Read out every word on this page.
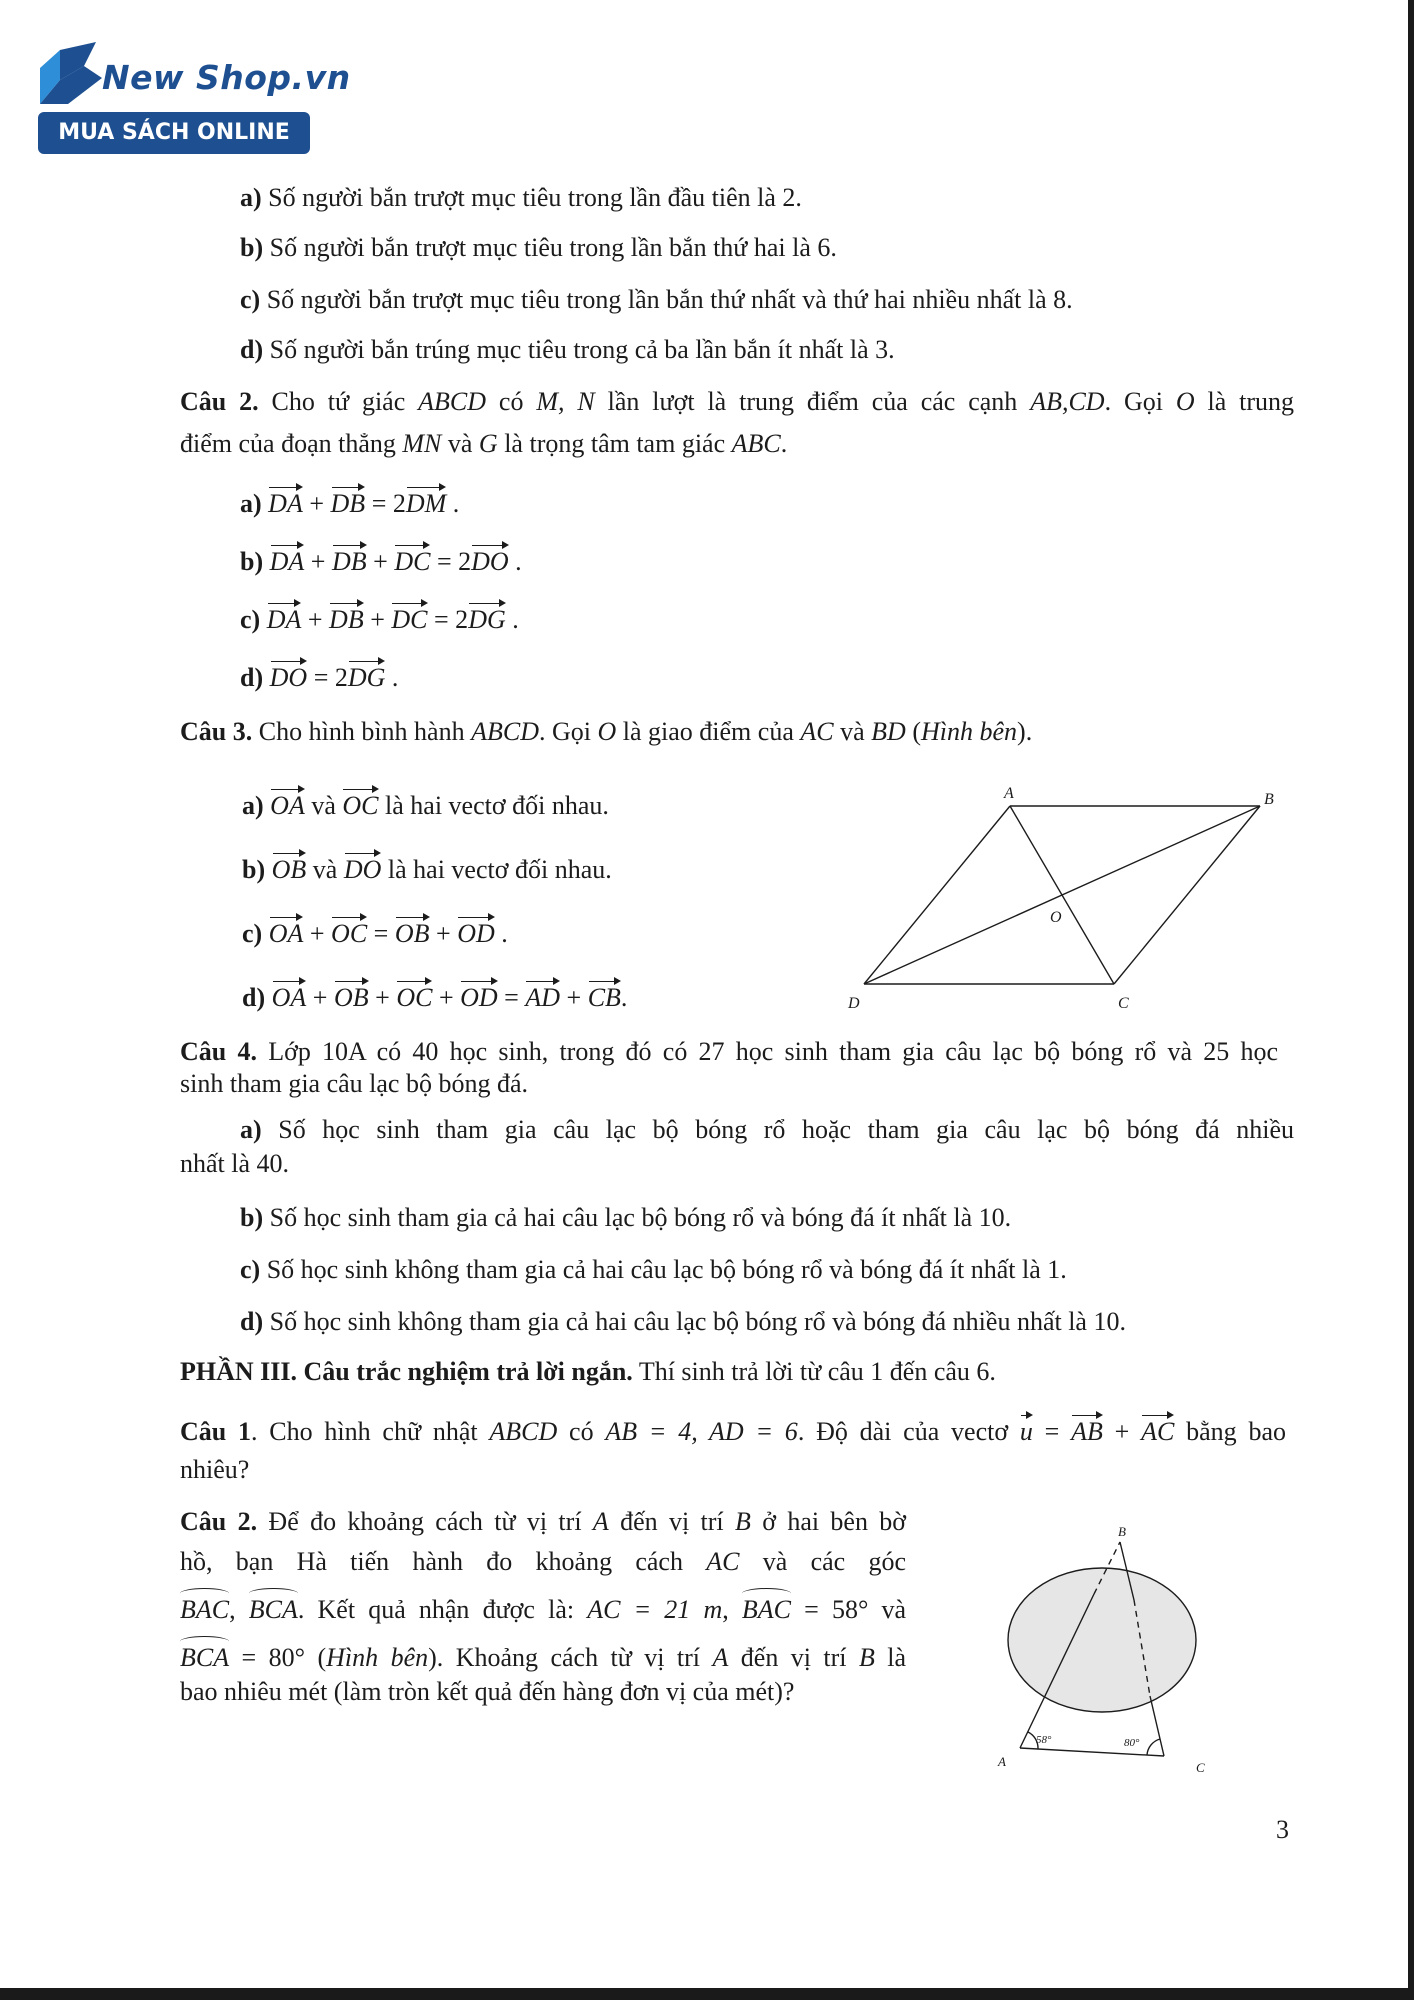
New Shop.vn
MUA SÁCH ONLINE
a) Số người bắn trượt mục tiêu trong lần đầu tiên là 2.
b) Số người bắn trượt mục tiêu trong lần bắn thứ hai là 6.
c) Số người bắn trượt mục tiêu trong lần bắn thứ nhất và thứ hai nhiều nhất là 8.
d) Số người bắn trúng mục tiêu trong cả ba lần bắn ít nhất là 3.
Câu 2. Cho tứ giác ABCD có M, N lần lượt là trung điểm của các cạnh AB,CD. Gọi O là trung
điểm của đoạn thẳng MN và G là trọng tâm tam giác ABC.
a) DA + DB = 2DM .
b) DA + DB + DC = 2DO .
c) DA + DB + DC = 2DG .
d) DO = 2DG .
Câu 3. Cho hình bình hành ABCD. Gọi O là giao điểm của AC và BD (Hình bên).
a) OA và OC là hai vectơ đối nhau.
b) OB và DO là hai vectơ đối nhau.
c) OA + OC = OB + OD .
d) OA + OB + OC + OD = AD + CB.
A	B
C
D
O
Câu 4. Lớp 10A có 40 học sinh, trong đó có 27 học sinh tham gia câu lạc bộ bóng rổ và 25 học
sinh tham gia câu lạc bộ bóng đá.
a) Số học sinh tham gia câu lạc bộ bóng rổ hoặc tham gia câu lạc bộ bóng đá nhiều
nhất là 40.
b) Số học sinh tham gia cả hai câu lạc bộ bóng rổ và bóng đá ít nhất là 10.
c) Số học sinh không tham gia cả hai câu lạc bộ bóng rổ và bóng đá ít nhất là 1.
d) Số học sinh không tham gia cả hai câu lạc bộ bóng rổ và bóng đá nhiều nhất là 10.
PHẦN III. Câu trắc nghiệm trả lời ngắn. Thí sinh trả lời từ câu 1 đến câu 6.
Câu 1. Cho hình chữ nhật ABCD có AB = 4, AD = 6. Độ dài của vectơ u = AB + AC bằng bao
nhiêu?
Câu 2. Để đo khoảng cách từ vị trí A đến vị trí B ở hai bên bờ
hồ, bạn Hà tiến hành đo khoảng cách AC và các góc
BAC, BCA. Kết quả nhận được là: AC = 21 m, BAC = 58° và
BCA = 80° (Hình bên). Khoảng cách từ vị trí A đến vị trí B là
bao nhiêu mét (làm tròn kết quả đến hàng đơn vị của mét)?
B
A	C
58°	80°
3
